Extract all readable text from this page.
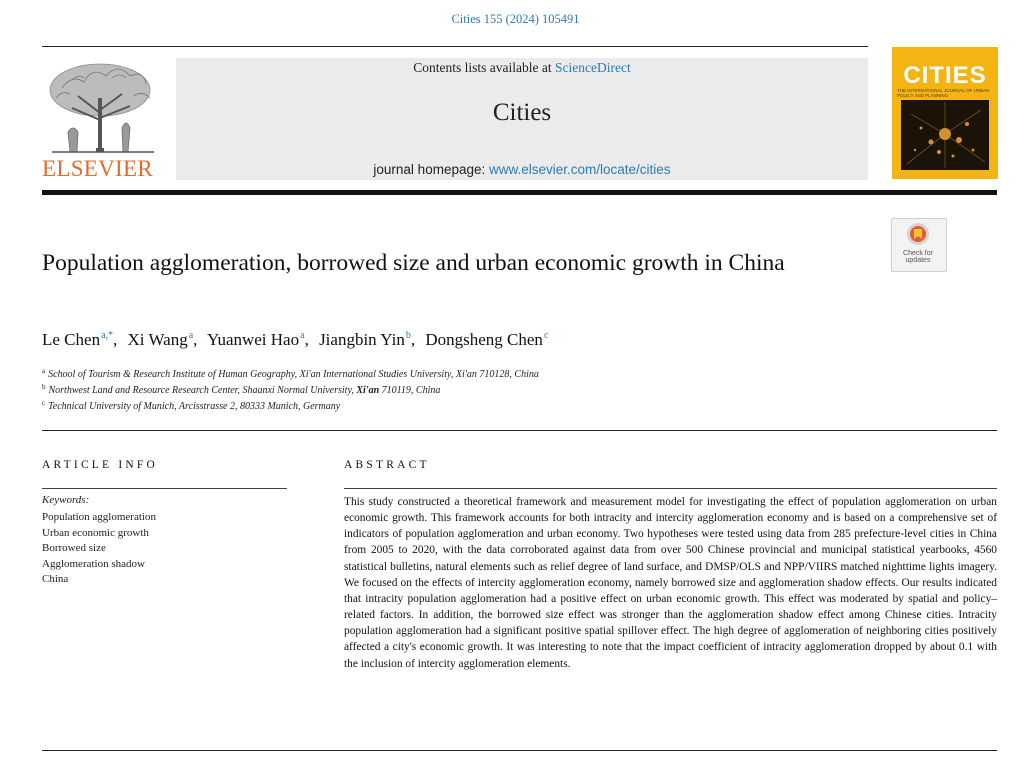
Cities 155 (2024) 105491
ELSEVIER
Contents lists available at ScienceDirect
Cities
journal homepage: www.elsevier.com/locate/cities
CITIES
THE INTERNATIONAL JOURNAL OF URBAN POLICY AND PLANNING
Check for updates
Population agglomeration, borrowed size and urban economic growth in China
Le Chen$^{a,*}$, Xi Wang$^a$, Yuanwei Hao$^a$, Jiangbin Yin$^b$, Dongsheng Chen$^c$
$^a$ School of Tourism & Research Institute of Human Geography, Xi'an International Studies University, Xi'an 710128, China
$^b$ Northwest Land and Resource Research Center, Shaanxi Normal University, Xi'an 710119, China
$^c$ Technical University of Munich, Arcisstrasse 2, 80333 Munich, Germany
ARTICLE INFO
Keywords:
Population agglomeration
Urban economic growth
Borrowed size
Agglomeration shadow
China
ABSTRACT

This study constructed a theoretical framework and measurement model for investigating the effect of population agglomeration on urban economic growth. This framework accounts for both intracity and intercity agglomeration economy and is based on a comprehensive set of indicators of population agglomeration and urban economy. Two hypotheses were tested using data from 285 prefecture-level cities in China from 2005 to 2020, with the data corroborated against data from over 500 Chinese provincial and municipal statistical yearbooks, 4560 statistical bulletins, natural elements such as relief degree of land surface, and DMSP/OLS and NPP/VIIRS matched nighttime lights imagery. We focused on the effects of intercity agglomeration economy, namely borrowed size and agglomeration shadow effects. Our results indicated that intracity population agglomeration had a positive effect on urban economic growth. This effect was moderated by spatial and policy–related factors. In addition, the borrowed size effect was stronger than the agglomeration shadow effect among Chinese cities. Intracity population agglomeration had a significant positive spatial spillover effect. The high degree of agglomeration of neighboring cities positively affected a city's economic growth. It was interesting to note that the impact coefficient of intracity agglomeration dropped by about 0.1 with the inclusion of intercity agglomeration elements.
